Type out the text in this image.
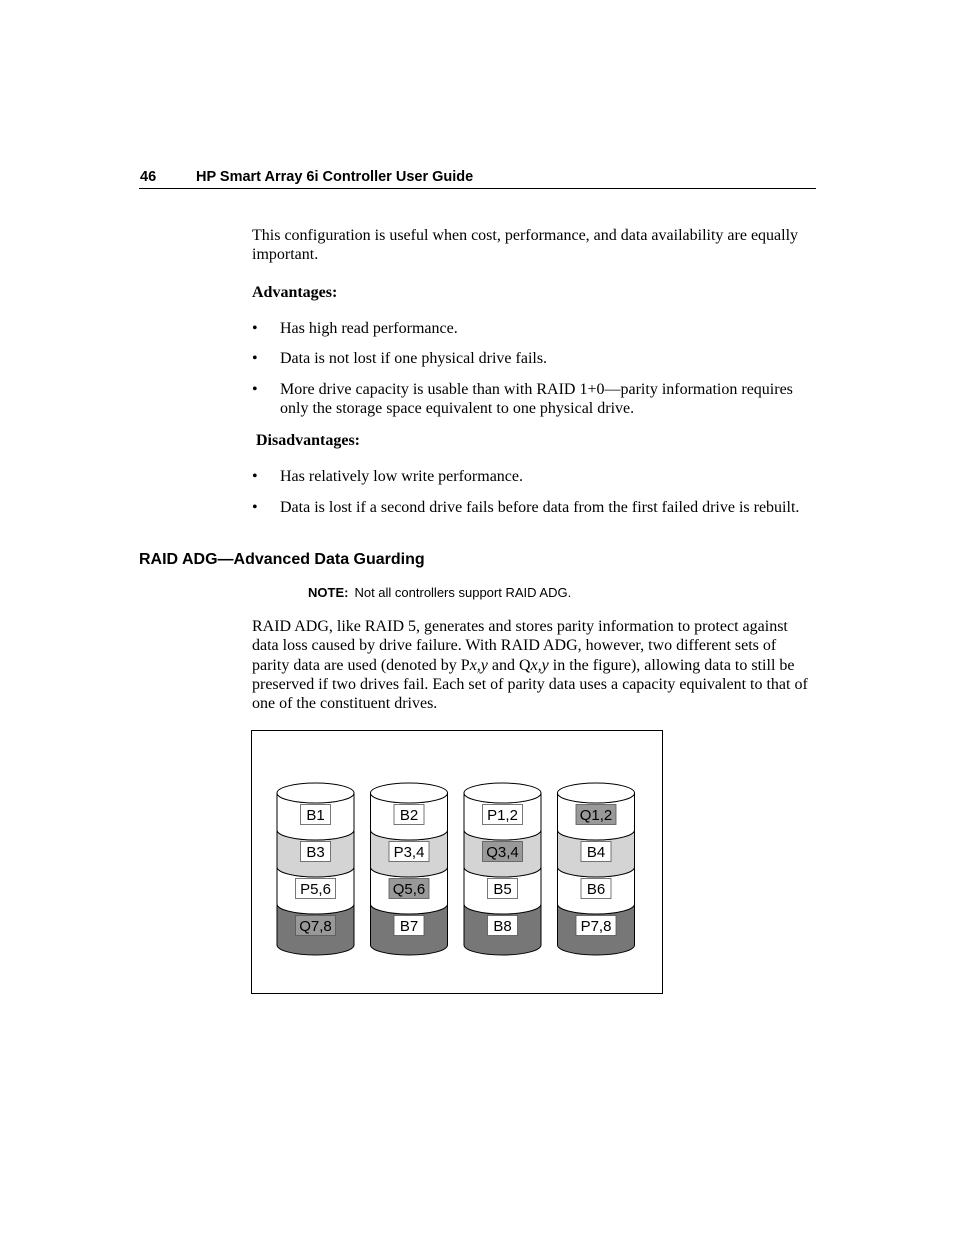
46	HP Smart Array 6i Controller User Guide

This configuration is useful when cost, performance, and data availability are equally important.

Advantages:
• Has high read performance.
• Data is not lost if one physical drive fails.
• More drive capacity is usable than with RAID 1+0—parity information requires only the storage space equivalent to one physical drive.
Disadvantages:
• Has relatively low write performance.
• Data is lost if a second drive fails before data from the first failed drive is rebuilt.
RAID ADG—Advanced Data Guarding
NOTE: Not all controllers support RAID ADG.

RAID ADG, like RAID 5, generates and stores parity information to protect against data loss caused by drive failure. With RAID ADG, however, two different sets of parity data are used (denoted by Px,y and Qx,y in the figure), allowing data to still be preserved if two drives fail. Each set of parity data uses a capacity equivalent to that of one of the constituent drives.

B1
B3
P5,6
Q7,8
B2
P3,4
Q5,6
B7
P1,2
Q3,4
B5
B8
Q1,2
B4
B6
P7,8
